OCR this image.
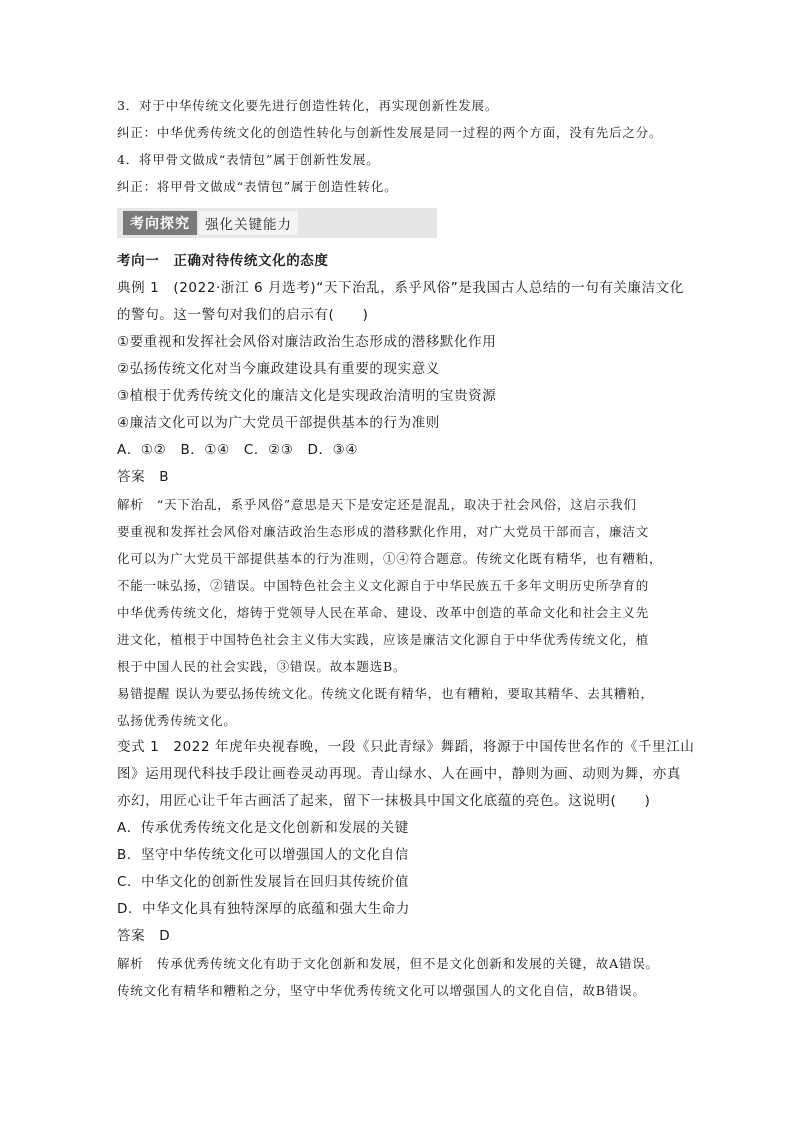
3．对于中华传统文化要先进行创造性转化，再实现创新性发展。
纠正：中华优秀传统文化的创造性转化与创新性发展是同一过程的两个方面，没有先后之分。
4．将甲骨文做成“表情包”属于创新性发展。
纠正：将甲骨文做成“表情包”属于创造性转化。
考向探究	强化关键能力
考向一　正确对待传统文化的态度
典例 1　(2022·浙江 6 月选考)“天下治乱，系乎风俗”是我国古人总结的一句有关廉洁文化
的警句。这一警句对我们的启示有(　　)
①要重视和发挥社会风俗对廉洁政治生态形成的潜移默化作用
②弘扬传统文化对当今廉政建设具有重要的现实意义
③植根于优秀传统文化的廉洁文化是实现政治清明的宝贵资源
④廉洁文化可以为广大党员干部提供基本的行为准则
A．①②　B．①④　C．②③　D．③④
答案　B
解析　“天下治乱，系乎风俗”意思是天下是安定还是混乱，取决于社会风俗，这启示我们
要重视和发挥社会风俗对廉洁政治生态形成的潜移默化作用，对广大党员干部而言，廉洁文
化可以为广大党员干部提供基本的行为准则，①④符合题意。传统文化既有精华，也有糟粕，
不能一味弘扬，②错误。中国特色社会主义文化源自于中华民族五千多年文明历史所孕育的
中华优秀传统文化，熔铸于党领导人民在革命、建设、改革中创造的革命文化和社会主义先
进文化，植根于中国特色社会主义伟大实践，应该是廉洁文化源自于中华优秀传统文化，植
根于中国人民的社会实践，③错误。故本题选B。
易错提醒 误认为要弘扬传统文化。传统文化既有精华，也有糟粕，要取其精华、去其糟粕，
弘扬优秀传统文化。
变式 1　2022 年虎年央视春晚，一段《只此青绿》舞蹈，将源于中国传世名作的《千里江山
图》运用现代科技手段让画卷灵动再现。青山绿水、人在画中，静则为画、动则为舞，亦真
亦幻，用匠心让千年古画活了起来，留下一抹极具中国文化底蕴的亮色。这说明(　　)
A．传承优秀传统文化是文化创新和发展的关键
B．坚守中华传统文化可以增强国人的文化自信
C．中华文化的创新性发展旨在回归其传统价值
D．中华文化具有独特深厚的底蕴和强大生命力
答案　D
解析　传承优秀传统文化有助于文化创新和发展，但不是文化创新和发展的关键，故A错误。
传统文化有精华和糟粕之分，坚守中华优秀传统文化可以增强国人的文化自信，故B错误。
